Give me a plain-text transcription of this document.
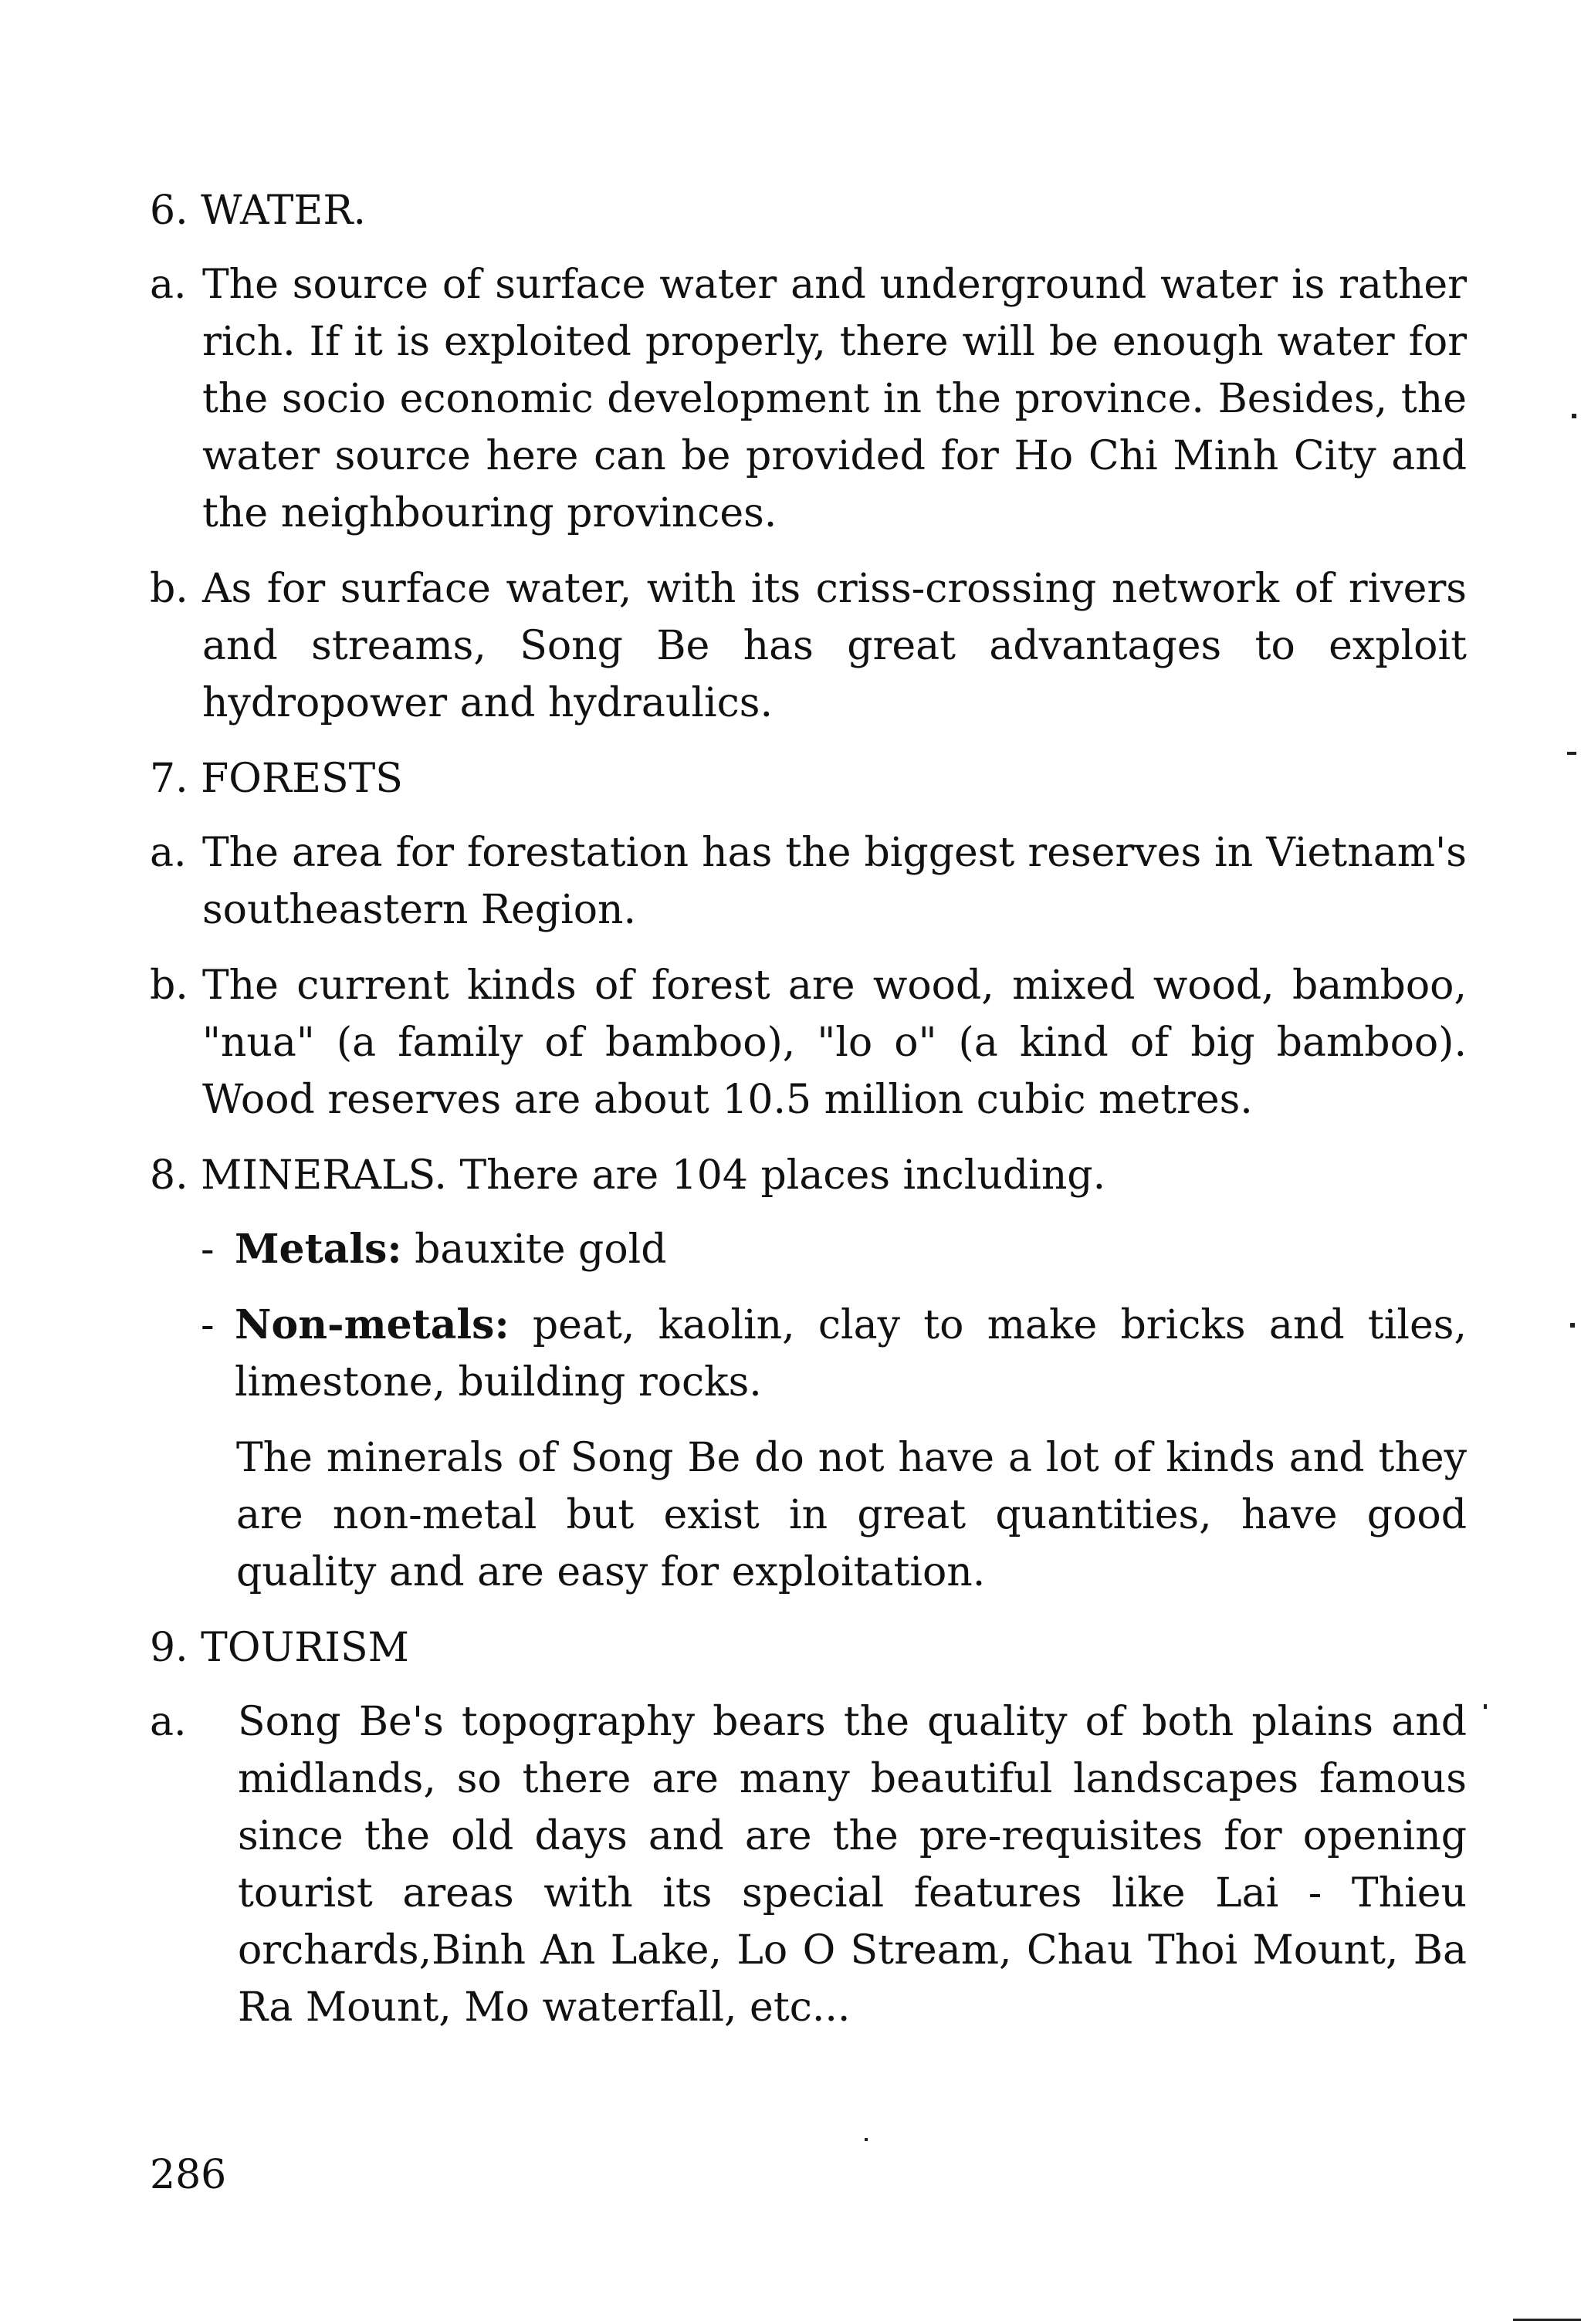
6. WATER.
a. The source of surface water and underground water is rather rich. If it is exploited properly, there will be enough water for the socio economic development in the province. Besides, the water source here can be provided for Ho Chi Minh City and the neighbouring provinces.
b. As for surface water, with its criss-crossing network of rivers and streams, Song Be has great advantages to exploit hydropower and hydraulics.
7. FORESTS
a. The area for forestation has the biggest reserves in Vietnam's southeastern Region.
b. The current kinds of forest are wood, mixed wood, bamboo, "nua" (a family of bamboo), "lo o" (a kind of big bamboo). Wood reserves are about 10.5 million cubic metres.
8. MINERALS. There are 104 places including.
- Metals: bauxite gold
- Non-metals: peat, kaolin, clay to make bricks and tiles, limestone, building rocks.
The minerals of Song Be do not have a lot of kinds and they are non-metal but exist in great quantities, have good quality and are easy for exploitation.
9. TOURISM
a.	Song Be's topography bears the quality of both plains and midlands, so there are many beautiful landscapes famous since the old days and are the pre-requisites for opening tourist areas with its special features like Lai - Thieu orchards,Binh An Lake, Lo O Stream, Chau Thoi Mount, Ba Ra Mount, Mo waterfall, etc...
286
